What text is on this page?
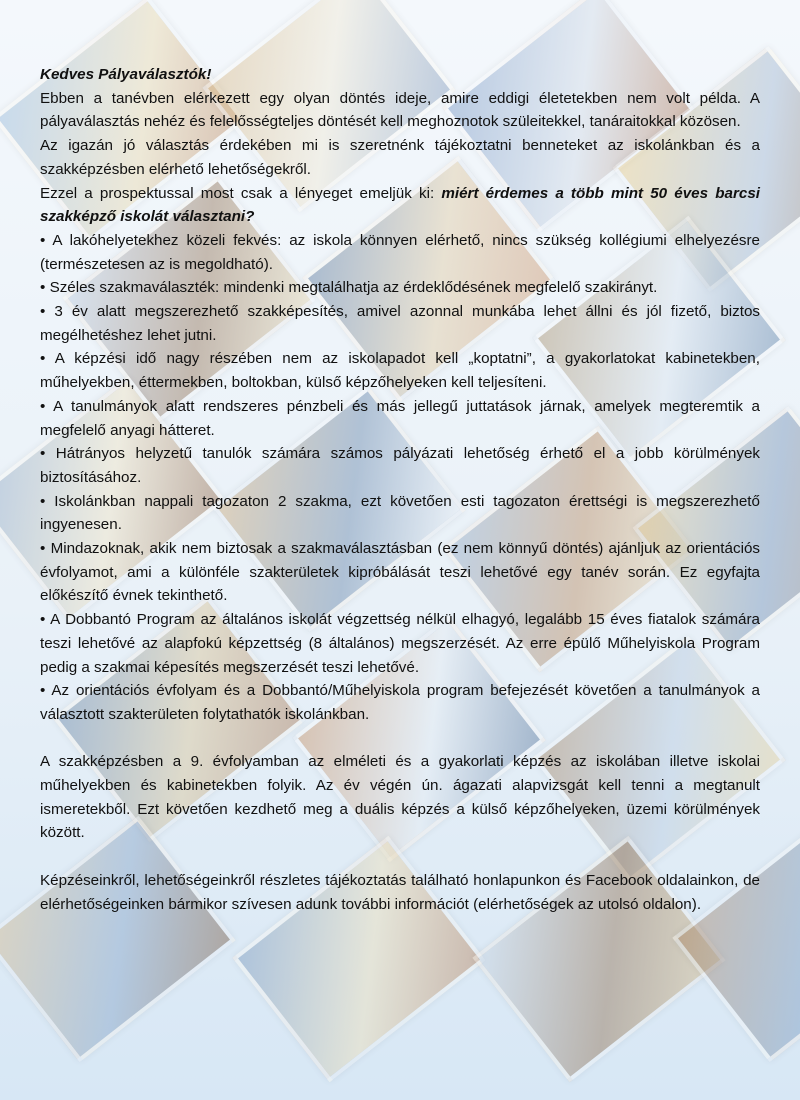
Kedves Pályaválasztók!

Ebben a tanévben elérkezett egy olyan döntés ideje, amire eddigi életetekben nem volt példa. A pályaválasztás nehéz és felelősségteljes döntését kell meghoznotok szüleitekkel, tanáraitokkal közösen.

Az igazán jó választás érdekében mi is szeretnénk tájékoztatni benneteket az iskolánkban és a szakképzésben elérhető lehetőségekről.

Ezzel a prospektussal most csak a lényeget emeljük ki: miért érdemes a több mint 50 éves barcsi szakképző iskolát választani?

• A lakóhelyetekhez közeli fekvés: az iskola könnyen elérhető, nincs szükség kollégiumi elhelyezésre (természetesen az is megoldható).

• Széles szakmaválaszték: mindenki megtalálhatja az érdeklődésének megfelelő szakirányt.

• 3 év alatt megszerezhető szakképesítés, amivel azonnal munkába lehet állni és jól fizető, biztos megélhetéshez lehet jutni.

• A képzési idő nagy részében nem az iskolapadot kell „koptatni”, a gyakorlatokat kabinetekben, műhelyekben, éttermekben, boltokban, külső képzőhelyeken kell teljesíteni.

• A tanulmányok alatt rendszeres pénzbeli és más jellegű juttatások járnak, amelyek megteremtik a megfelelő anyagi hátteret.

• Hátrányos helyzetű tanulók számára számos pályázati lehetőség érhető el a jobb körülmények biztosításához.

• Iskolánkban nappali tagozaton 2 szakma, ezt követően esti tagozaton érettségi is megszerezhető ingyenesen.

• Mindazoknak, akik nem biztosak a szakmaválasztásban (ez nem könnyű döntés) ajánljuk az orientációs évfolyamot, ami a különféle szakterületek kipróbálását teszi lehetővé egy tanév során. Ez egyfajta előkészítő évnek tekinthető.

• A Dobbantó Program az általános iskolát végzettség nélkül elhagyó, legalább 15 éves fiatalok számára teszi lehetővé az alapfokú képzettség (8 általános) megszerzését. Az erre épülő Műhelyiskola Program pedig a szakmai képesítés megszerzését teszi lehetővé.

• Az orientációs évfolyam és a Dobbantó/Műhelyiskola program befejezését követően a tanulmányok a választott szakterületen folytathatók iskolánkban.

A szakképzésben a 9. évfolyamban az elméleti és a gyakorlati képzés az iskolában illetve iskolai műhelyekben és kabinetekben folyik. Az év végén ún. ágazati alapvizsgát kell tenni a megtanult ismeretekből. Ezt követően kezdhető meg a duális képzés a külső képzőhelyeken, üzemi körülmények között.

Képzéseinkről, lehetőségeinkről részletes tájékoztatás található honlapunkon és Facebook oldalainkon, de elérhetőségeinken bármikor szívesen adunk további információt (elérhetőségek az utolsó oldalon).
